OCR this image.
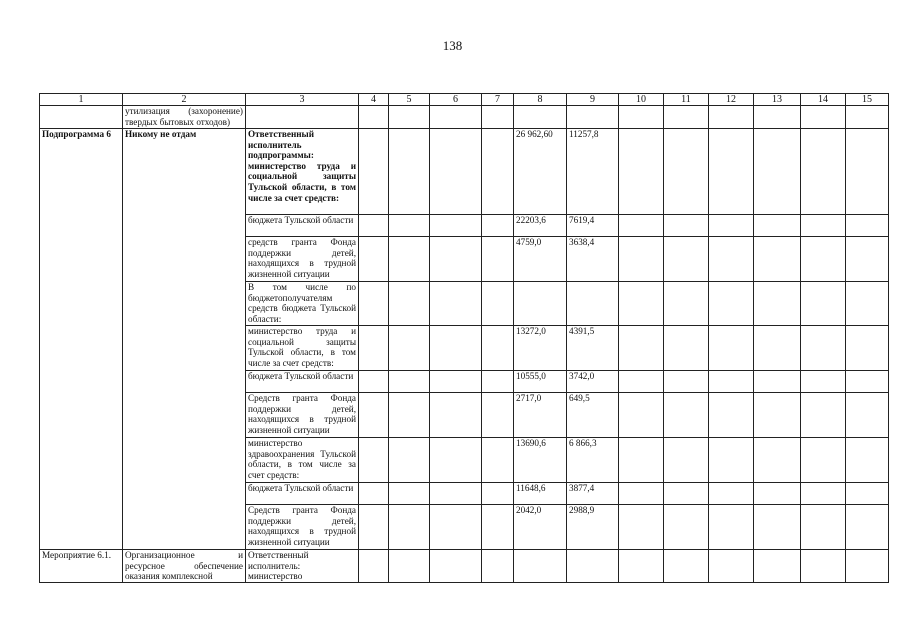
138
1	2	3	4	5	6	7	8	9	10	11	12	13	14	15
	утилизация (захоронение) твердых бытовых отходов)													
Подпрограмма 6	Никому не отдам	Ответственный исполнитель подпрограммы: министерство труда и социальной защиты Тульской области, в том числе за счет средств:					26 962,60	11257,8						
		бюджета Тульской области					22203,6	7619,4						
		средств гранта Фонда поддержки детей, находящихся в трудной жизненной ситуации					4759,0	3638,4						
		В том числе по бюджетополучателям средств бюджета Тульской области:												
		министерство труда и социальной защиты Тульской области, в том числе за счет средств:					13272,0	4391,5						
		бюджета Тульской области					10555,0	3742,0						
		Средств гранта Фонда поддержки детей, находящихся в трудной жизненной ситуации					2717,0	649,5						
		министерство здравоохранения Тульской области, в том числе за счет средств:					13690,6	6 866,3						
		бюджета Тульской области					11648,6	3877,4						
		Средств гранта Фонда поддержки детей, находящихся в трудной жизненной ситуации					2042,0	2988,9						
Мероприятие 6.1.	Организационное и ресурсное обеспечение оказания комплексной	Ответственный исполнитель: министерство												
